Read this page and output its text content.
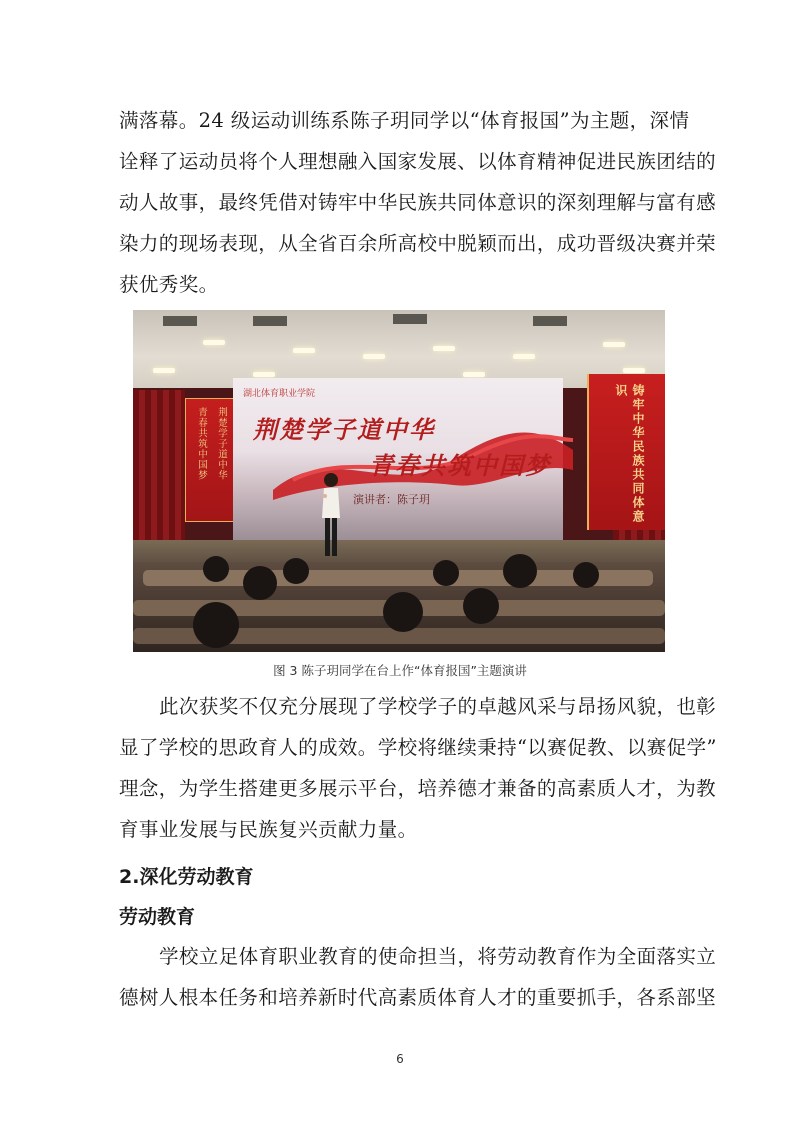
满落幕。24 级运动训练系陈子玥同学以“体育报国”为主题，深情
诠释了运动员将个人理想融入国家发展、以体育精神促进民族团结的
动人故事，最终凭借对铸牢中华民族共同体意识的深刻理解与富有感
染力的现场表现，从全省百余所高校中脱颖而出，成功晋级决赛并荣
获优秀奖。
荆楚学子道中华
青春共筑中国梦
湖北体育职业学院
荆楚学子道中华
青春共筑中国梦
演讲者：陈子玥	铸牢中华民族共同体意识
图 3 陈子玥同学在台上作“体育报国”主题演讲
此次获奖不仅充分展现了学校学子的卓越风采与昂扬风貌，也彰
显了学校的思政育人的成效。学校将继续秉持“以赛促教、以赛促学”
理念，为学生搭建更多展示平台，培养德才兼备的高素质人才，为教
育事业发展与民族复兴贡献力量。
2.深化劳动教育
劳动教育
学校立足体育职业教育的使命担当，将劳动教育作为全面落实立
德树人根本任务和培养新时代高素质体育人才的重要抓手，各系部坚
6
